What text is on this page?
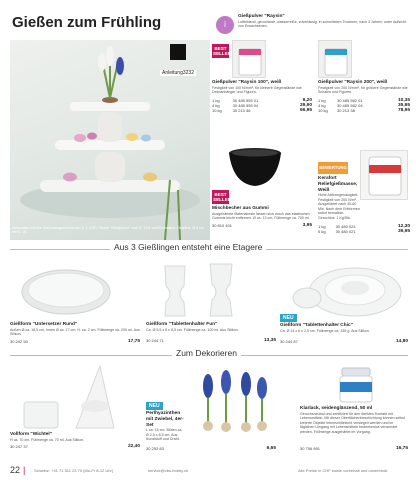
Gießen zum Frühling
Anleitung3232
Dekoration mit fixe Gießmassgemische am 3, 4, 4/30, Sterne "Gießpulver" vom S. 1 fur und Einmalens Vögeline, Ø 8 cm mit S. 10.
i
Gießpulver "Raysin"
Luftbildend, geruchlose, wasserreiße, zuverlässig, in schnellstem Trocknen, nach 3 Jahren, unter Aufsicht von Erwachsenen.
BEST SELLER
Gießpulver "Raysin 100", weiß
Festigkeit von 100 N/mm², für kleinere Gegenstände wie Dekoanhänger und Figuren.
1 kg	30 485 555 01	9,20
4 kg	30 485 555 04	29,90
10 kg	30 213 36	66,95
Gießpulver "Raysin 200", weiß
Festigkeit von 200 N/mm², für größere Gegenstände wie Schalen und Figuren.
1 kg	30 485 562 01	10,35
4 kg	30 485 562 04	35,95
10 kg	30 213 38	78,95
BEST SELLER
Mischbecher aus Gummi
Ausgehärtete Materialreste lassen sich durch das elastischen Gummis leicht entfernen. Ø ca. 13 cm, Füllmenge ca. 700 ml.
30 810 401	3,95
BEWERTUNG
Kerafort Reliefgießmasse, Weiß
Hohe Abformgenauigkeit. Festigkeit von 200 N/m². Ausgehärtet nach 30-60 Min. Nach dem Entformen sofort bemalbar. Geruchlos. 1 Kg/Stk.
1 kg	30 480 024	12,30
5 kg	30 480 021	39,95
Aus 3 Gießlingen entsteht eine Etagere
Gießform "Untersetzer Rund"
Außen Ø ca. 18,5 cm, Innen Ø ca. 17 cm, H. ca. 2 cm. Füllmenge ca. 200 ml. Aus Silikon.
30 202 50	17,75
Gießform "Tablettenhalter Fun"
Ca. Ø 5,5 x 6 x 8,5 cm. Füllmenge ca. 100 ml. Aus Silikon.
30 244 71	13,35
NEU
Gießform "Tablettenhalter Chic"
Ca. Ø 14 x 6 x 2,5 cm. Füllmenge ca. 335 g. Aus Silikon.
30 244 87	14,80
Zum Dekorieren
Vollform "Wichtel"
H ca. 70 cm. Füllmenge ca. 70 ml. Aus Silikon.
30 247 37	22,40
NEU
Perlhyazinthen mit Zwiebel, 4er-Set
L ca. 15 cm. Blüten ca. Ø 2,5 x 8,5 cm. Aus Kunststoff und Draht.
30 253 83	6,65
Klarlack, seidenglänzend, 50 ml
Geruchsneutral und zertifiziert für den direkten Kontakt mit Lebensmitteln. Mit dieser Oberflächenbeschichtung können selbst kreierte Objekte lebensmittelecht versiegelt werden und im täglichen Umgang mit Lebensmitteln bedenkenlos verwendet werden. Füllmenge ausgehärtet im Vorgang.
30 756 891	16,75
22 | Schweiz: +41 71 511 23 70 (Mo-Fr 8-12 Uhr)	service@vbs-hobby.ch	Alle Preise in CHF sowie vorbehalt und unverbindl.
